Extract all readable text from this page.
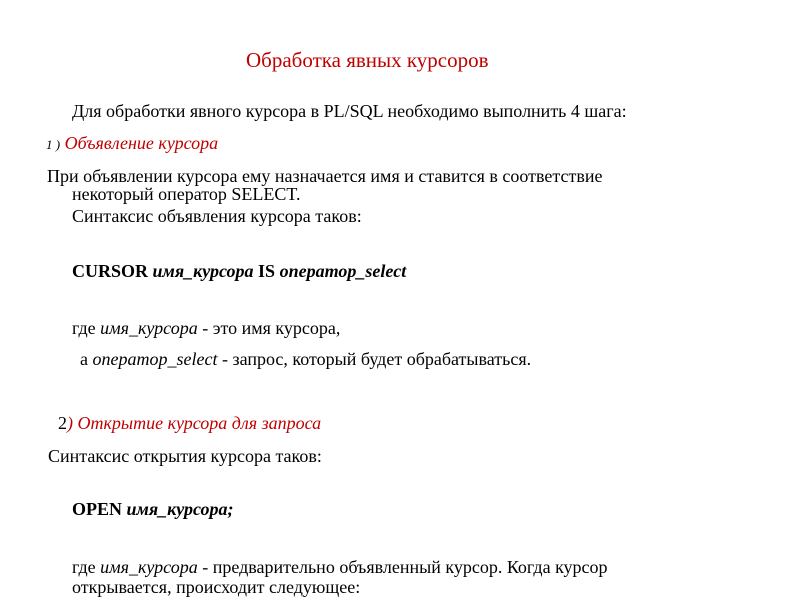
Обработка явных курсоров
Для обработки явного курсора в PL/SQL необходимо выполнить 4 шага:
1 ) Объявление курсора
При объявлении курсора ему назначается имя и ставится в соответствие
некоторый оператор SELECT.
Синтаксис объявления курсора таков:
CURSOR имя_курсора IS оператор_select
где имя_курсора - это имя курсора,
а оператор_select - запрос, который будет обрабатываться.
2) Открытие курсора для запроса
Синтаксис открытия курсора таков:
OPEN имя_курсора;
где имя_курсора - предварительно объявленный курсор. Когда курсор
открывается, происходит следующее:
